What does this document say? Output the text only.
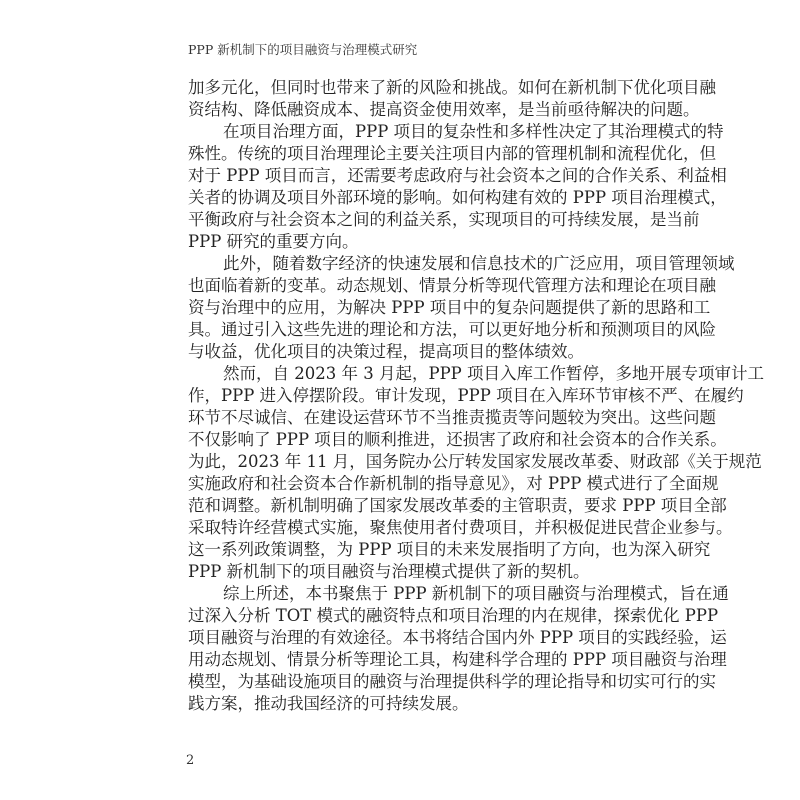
PPP 新机制下的项目融资与治理模式研究
加多元化，但同时也带来了新的风险和挑战。如何在新机制下优化项目融
资结构、降低融资成本、提高资金使用效率，是当前亟待解决的问题。
在项目治理方面，PPP 项目的复杂性和多样性决定了其治理模式的特
殊性。传统的项目治理理论主要关注项目内部的管理机制和流程优化，但
对于 PPP 项目而言，还需要考虑政府与社会资本之间的合作关系、利益相
关者的协调及项目外部环境的影响。如何构建有效的 PPP 项目治理模式，
平衡政府与社会资本之间的利益关系，实现项目的可持续发展，是当前
PPP 研究的重要方向。
此外，随着数字经济的快速发展和信息技术的广泛应用，项目管理领域
也面临着新的变革。动态规划、情景分析等现代管理方法和理论在项目融
资与治理中的应用，为解决 PPP 项目中的复杂问题提供了新的思路和工
具。通过引入这些先进的理论和方法，可以更好地分析和预测项目的风险
与收益，优化项目的决策过程，提高项目的整体绩效。
然而，自 2023 年 3 月起，PPP 项目入库工作暂停，多地开展专项审计工
作，PPP 进入停摆阶段。审计发现，PPP 项目在入库环节审核不严、在履约
环节不尽诚信、在建设运营环节不当推责揽责等问题较为突出。这些问题
不仅影响了 PPP 项目的顺利推进，还损害了政府和社会资本的合作关系。
为此，2023 年 11 月，国务院办公厅转发国家发展改革委、财政部《关于规范
实施政府和社会资本合作新机制的指导意见》，对 PPP 模式进行了全面规
范和调整。新机制明确了国家发展改革委的主管职责，要求 PPP 项目全部
采取特许经营模式实施，聚焦使用者付费项目，并积极促进民营企业参与。
这一系列政策调整，为 PPP 项目的未来发展指明了方向，也为深入研究
PPP 新机制下的项目融资与治理模式提供了新的契机。
综上所述，本书聚焦于 PPP 新机制下的项目融资与治理模式，旨在通
过深入分析 TOT 模式的融资特点和项目治理的内在规律，探索优化 PPP
项目融资与治理的有效途径。本书将结合国内外 PPP 项目的实践经验，运
用动态规划、情景分析等理论工具，构建科学合理的 PPP 项目融资与治理
模型，为基础设施项目的融资与治理提供科学的理论指导和切实可行的实
践方案，推动我国经济的可持续发展。
2
